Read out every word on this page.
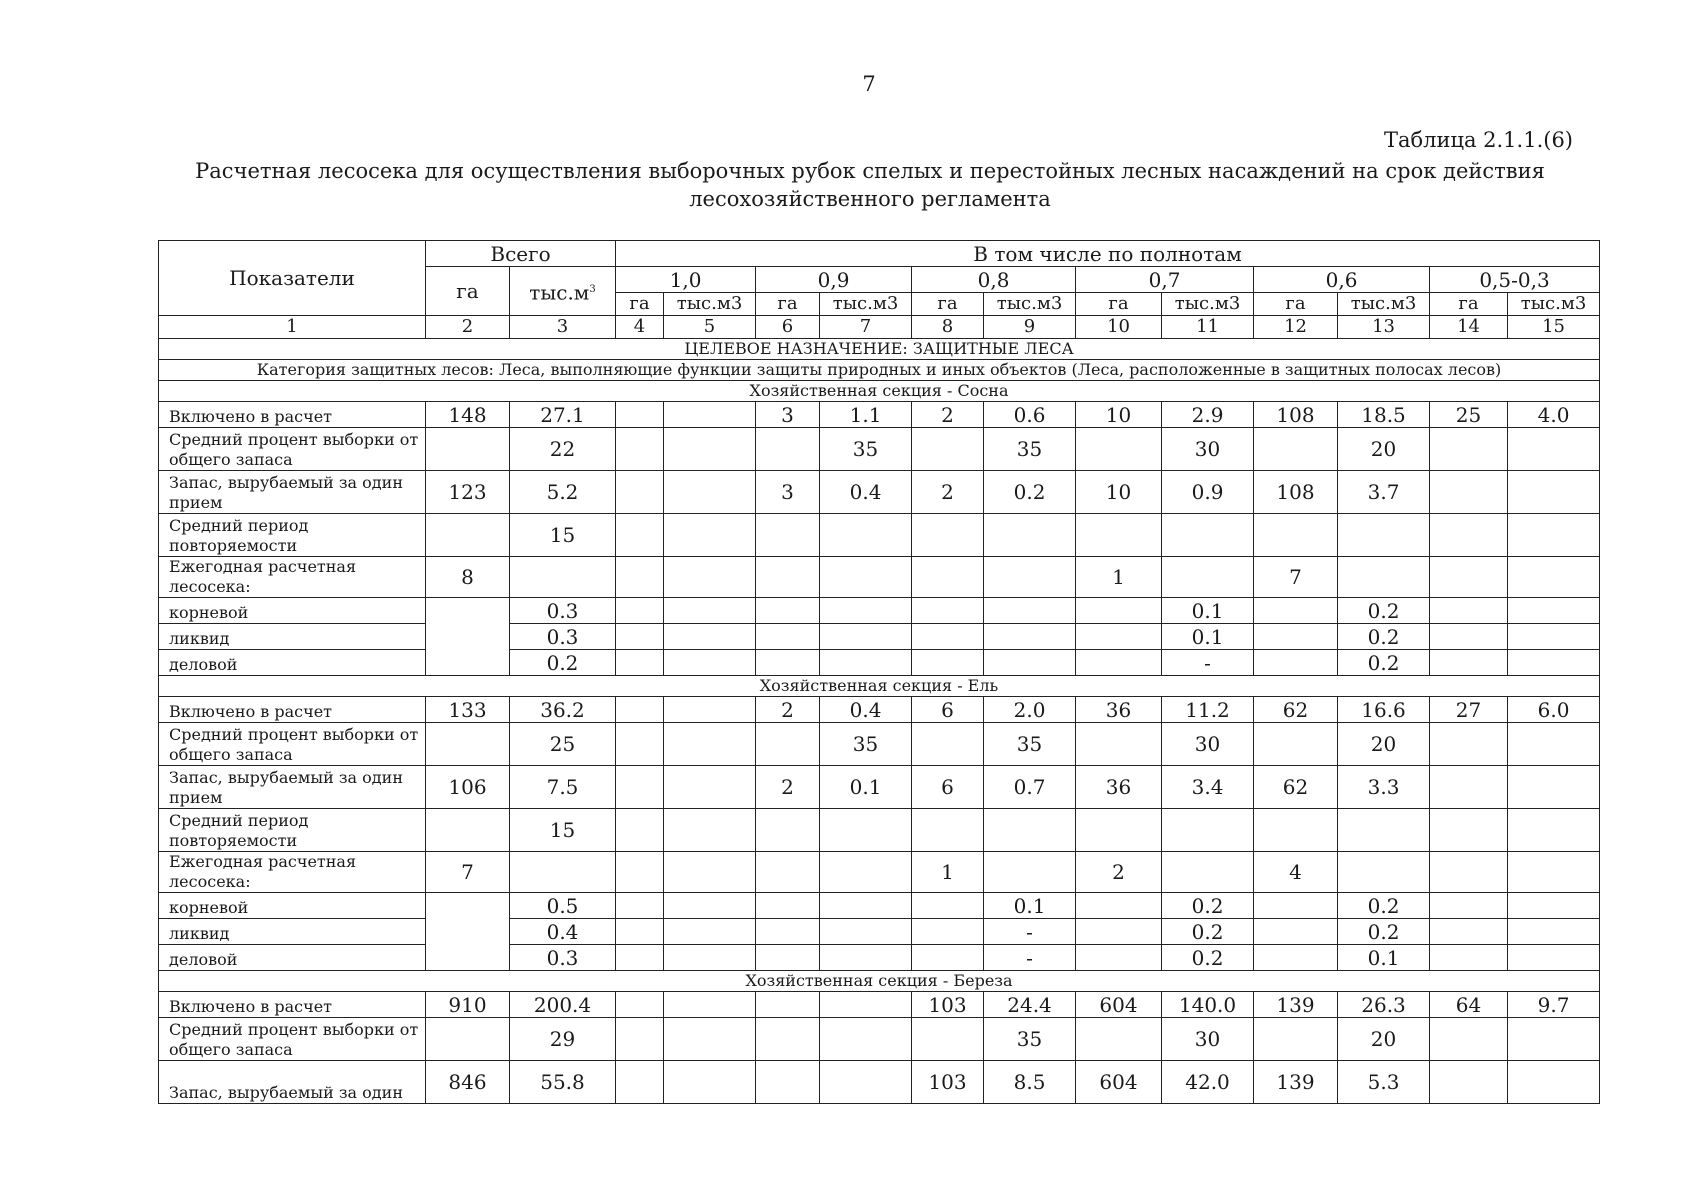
7
Таблица 2.1.1.(6)
Расчетная лесосека для осуществления выборочных рубок спелых и перестойных лесных насаждений на срок действия лесохозяйственного регламента
Показатели	Всего		В том числе по полнотам											
	га	$тыс.м^3$	1,0		0,9		0,8		0,7		0,6		0,5-0,3	
			га	тыс.м3	га	тыс.м3	га	тыс.м3	га	тыс.м3	га	тыс.м3	га	тыс.м3
1	2	3	4	5	6	7	8	9	10	11	12	13	14	15
ЦЕЛЕВОЕ НАЗНАЧЕНИЕ: ЗАЩИТНЫЕ ЛЕСА														
Категория защитных лесов: Леса, выполняющие функции защиты природных и иных объектов (Леса, расположенные в защитных полосах лесов)														
Хозяйственная секция - Сосна														
Включено в расчет	148	27.1			3	1.1	2	0.6	10	2.9	108	18.5	25	4.0
Средний процент выборки от общего запаса		22				35		35		30		20		
Запас, вырубаемый за один прием	123	5.2			3	0.4	2	0.2	10	0.9	108	3.7		
Средний период повторяемости		15												
Ежегодная расчетная лесосека:	8								1		7			
корневой		0.3								0.1		0.2		
ликвид		0.3								0.1		0.2		
деловой		0.2								-		0.2		
Хозяйственная секция - Ель														
Включено в расчет	133	36.2			2	0.4	6	2.0	36	11.2	62	16.6	27	6.0
Средний процент выборки от общего запаса		25				35		35		30		20		
Запас, вырубаемый за один прием	106	7.5			2	0.1	6	0.7	36	3.4	62	3.3		
Средний период повторяемости		15												
Ежегодная расчетная лесосека:	7						1		2		4			
корневой		0.5						0.1		0.2		0.2		
ликвид		0.4						-		0.2		0.2		
деловой		0.3						-		0.2		0.1		
Хозяйственная секция - Береза														
Включено в расчет	910	200.4					103	24.4	604	140.0	139	26.3	64	9.7
Средний процент выборки от общего запаса		29						35		30		20		
Запас, вырубаемый за один	846	55.8					103	8.5	604	42.0	139	5.3		
